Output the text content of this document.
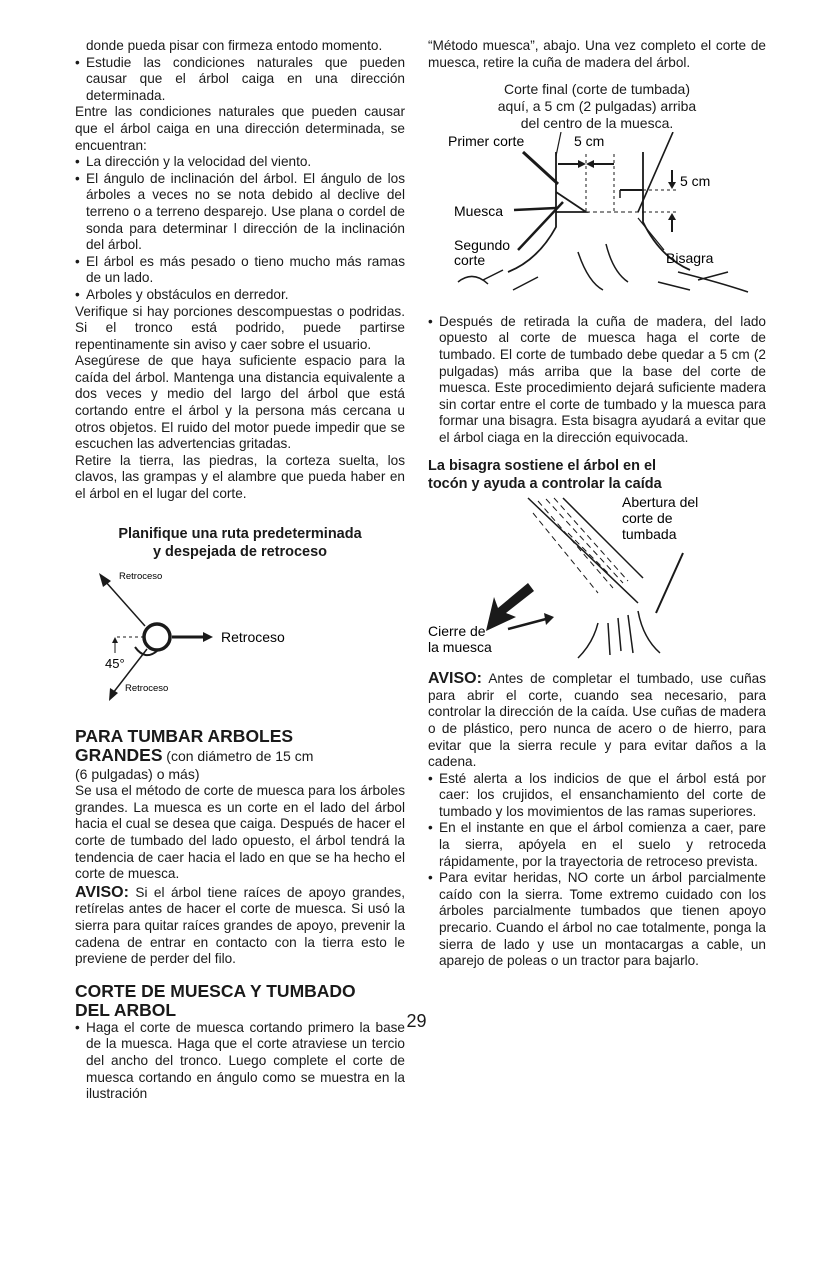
donde pueda pisar con firmeza entodo momento.

• Estudie las condiciones naturales que pueden causar que el árbol caiga en una dirección determinada.

Entre las condiciones naturales que pueden causar que el árbol caiga en una dirección determinada, se encuentran:

• La dirección y la velocidad del viento.

• El ángulo de inclinación del árbol. El ángulo de los árboles a veces no se nota debido al declive del terreno o a terreno desparejo. Use plana o cordel de sonda para determinar l dirección de la inclinación del árbol.

• El árbol es más pesado o tieno mucho más ramas de un lado.

• Arboles y obstáculos en derredor.

Verifique si hay porciones descompuestas o podridas. Si el tronco está podrido, puede partirse repentinamente sin aviso y caer sobre el usuario.

Asegúrese de que haya suficiente espacio para la caída del árbol. Mantenga una distancia equivalente a dos veces y medio del largo del árbol que está cortando entre el árbol y la persona más cercana u otros objetos. El ruido del motor puede impedir que se escuchen las advertencias gritadas.

Retire la tierra, las piedras, la corteza suelta, los clavos, las grampas y el alambre que pueda haber en el árbol en el lugar del corte.

Planifique una ruta predeterminada
y despejada de retroceso
Retroceso
Retroceso
45°
Retroceso
PARA TUMBAR ARBOLES
GRANDES (con diámetro de 15 cm
(6 pulgadas) o más)

Se usa el método de corte de muesca para los árboles grandes. La muesca es un corte en el lado del árbol hacia el cual se desea que caiga. Después de hacer el corte de tumbado del lado opuesto, el árbol tendrá la tendencia de caer hacia el lado en que se ha hecho el corte de muesca.

AVISO: Si el árbol tiene raíces de apoyo grandes, retírelas antes de hacer el corte de muesca. Si usó la sierra para quitar raíces grandes de apoyo, prevenir la cadena de entrar en contacto con la tierra esto le previene de perder del filo.

CORTE DE MUESCA Y TUMBADO
DEL ARBOL

• Haga el corte de muesca cortando primero la base de la muesca. Haga que el corte atraviese un tercio del ancho del tronco. Luego complete el corte de muesca cortando en ángulo como se muestra en la ilustración

“Método muesca”, abajo. Una vez completo el corte de muesca, retire la cuña de madera del árbol.

Corte final (corte de tumbada)
aquí, a 5 cm (2 pulgadas) arriba
del centro de la muesca.
Primer corte	5 cm
5 cm
Muesca
Segundo
corte	Bisagra

• Después de retirada la cuña de madera, del lado opuesto al corte de muesca haga el corte de tumbado. El corte de tumbado debe quedar a 5 cm (2 pulgadas) más arriba que la base del corte de muesca. Este procedimiento dejará suficiente madera sin cortar entre el corte de tumbado y la muesca para formar una bisagra. Esta bisagra ayudará a evitar que el árbol ciaga en la dirección equivocada.

La bisagra sostiene el árbol en el
tocón y ayuda a controlar la caída
Abertura del
corte de
tumbada
Cierre de
la muesca

AVISO: Antes de completar el tumbado, use cuñas para abrir el corte, cuando sea necesario, para controlar la dirección de la caída. Use cuñas de madera o de plástico, pero nunca de acero o de hierro, para evitar que la sierra recule y para evitar daños a la cadena.

• Esté alerta a los indicios de que el árbol está por caer: los crujidos, el ensanchamiento del corte de tumbado y los movimientos de las ramas superiores.

• En el instante en que el árbol comienza a caer, pare la sierra, apóyela en el suelo y retroceda rápidamente, por la trayectoria de retroceso prevista.

• Para evitar heridas, NO corte un árbol parcialmente caído con la sierra. Tome extremo cuidado con los árboles parcialmente tumbados que tienen apoyo precario. Cuando el árbol no cae totalmente, ponga la sierra de lado y use un montacargas a cable, un aparejo de poleas o un tractor para bajarlo.

29
